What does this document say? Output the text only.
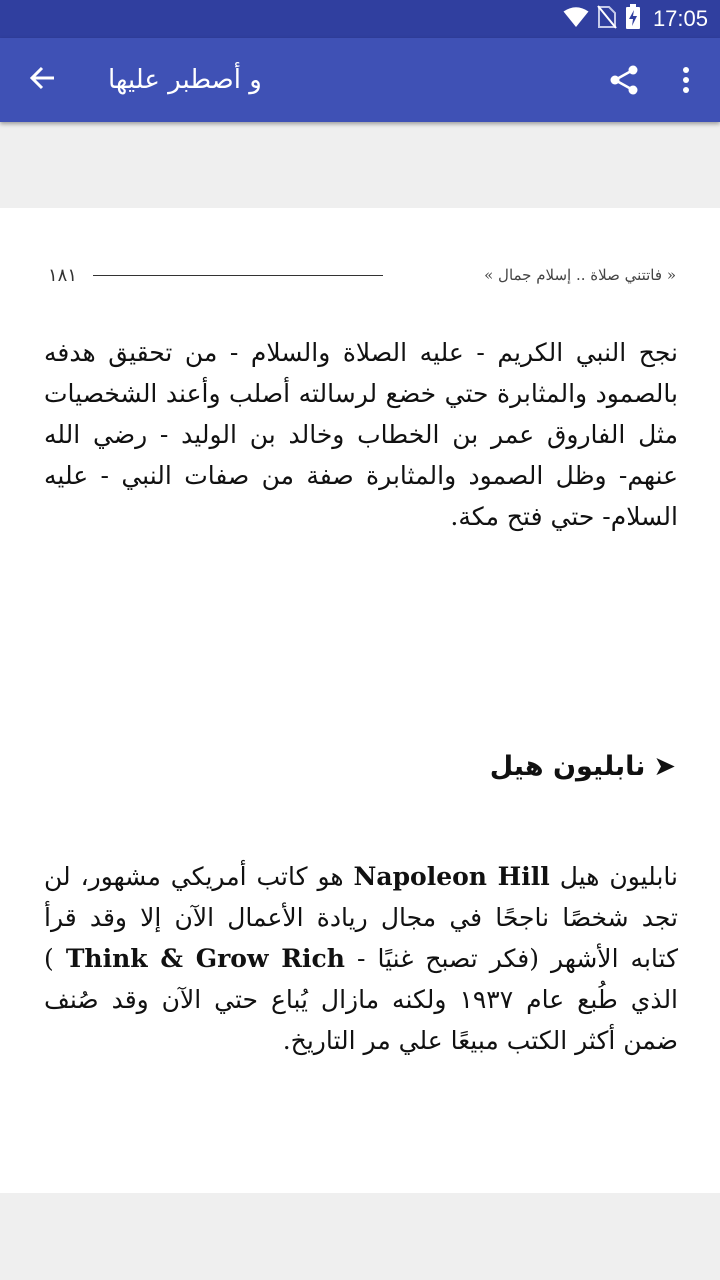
17:05
و أصطبر عليها
١٨١	« فاتتني صلاة .. إسلام جمال »
نجح النبي الكريم - عليه الصلاة والسلام - من تحقيق هدفه بالصمود والمثابرة حتي خضع لرسالته أصلب وأعند الشخصيات مثل الفاروق عمر بن الخطاب وخالد بن الوليد - رضي الله عنهم- وظل الصمود والمثابرة صفة من صفات النبي - عليه السلام- حتي فتح مكة.
➤
نابليون هيل
نابليون هيل Napoleon Hill هو كاتب أمريكي مشهور، لن تجد شخصًا ناجحًا في مجال ريادة الأعمال الآن إلا وقد قرأ كتابه الأشهر (فكر تصبح غنيًا - Think & Grow Rich ) الذي طُبع عام ١٩٣٧ ولكنه مازال يُباع حتي الآن وقد صُنف ضمن أكثر الكتب مبيعًا علي مر التاريخ.
